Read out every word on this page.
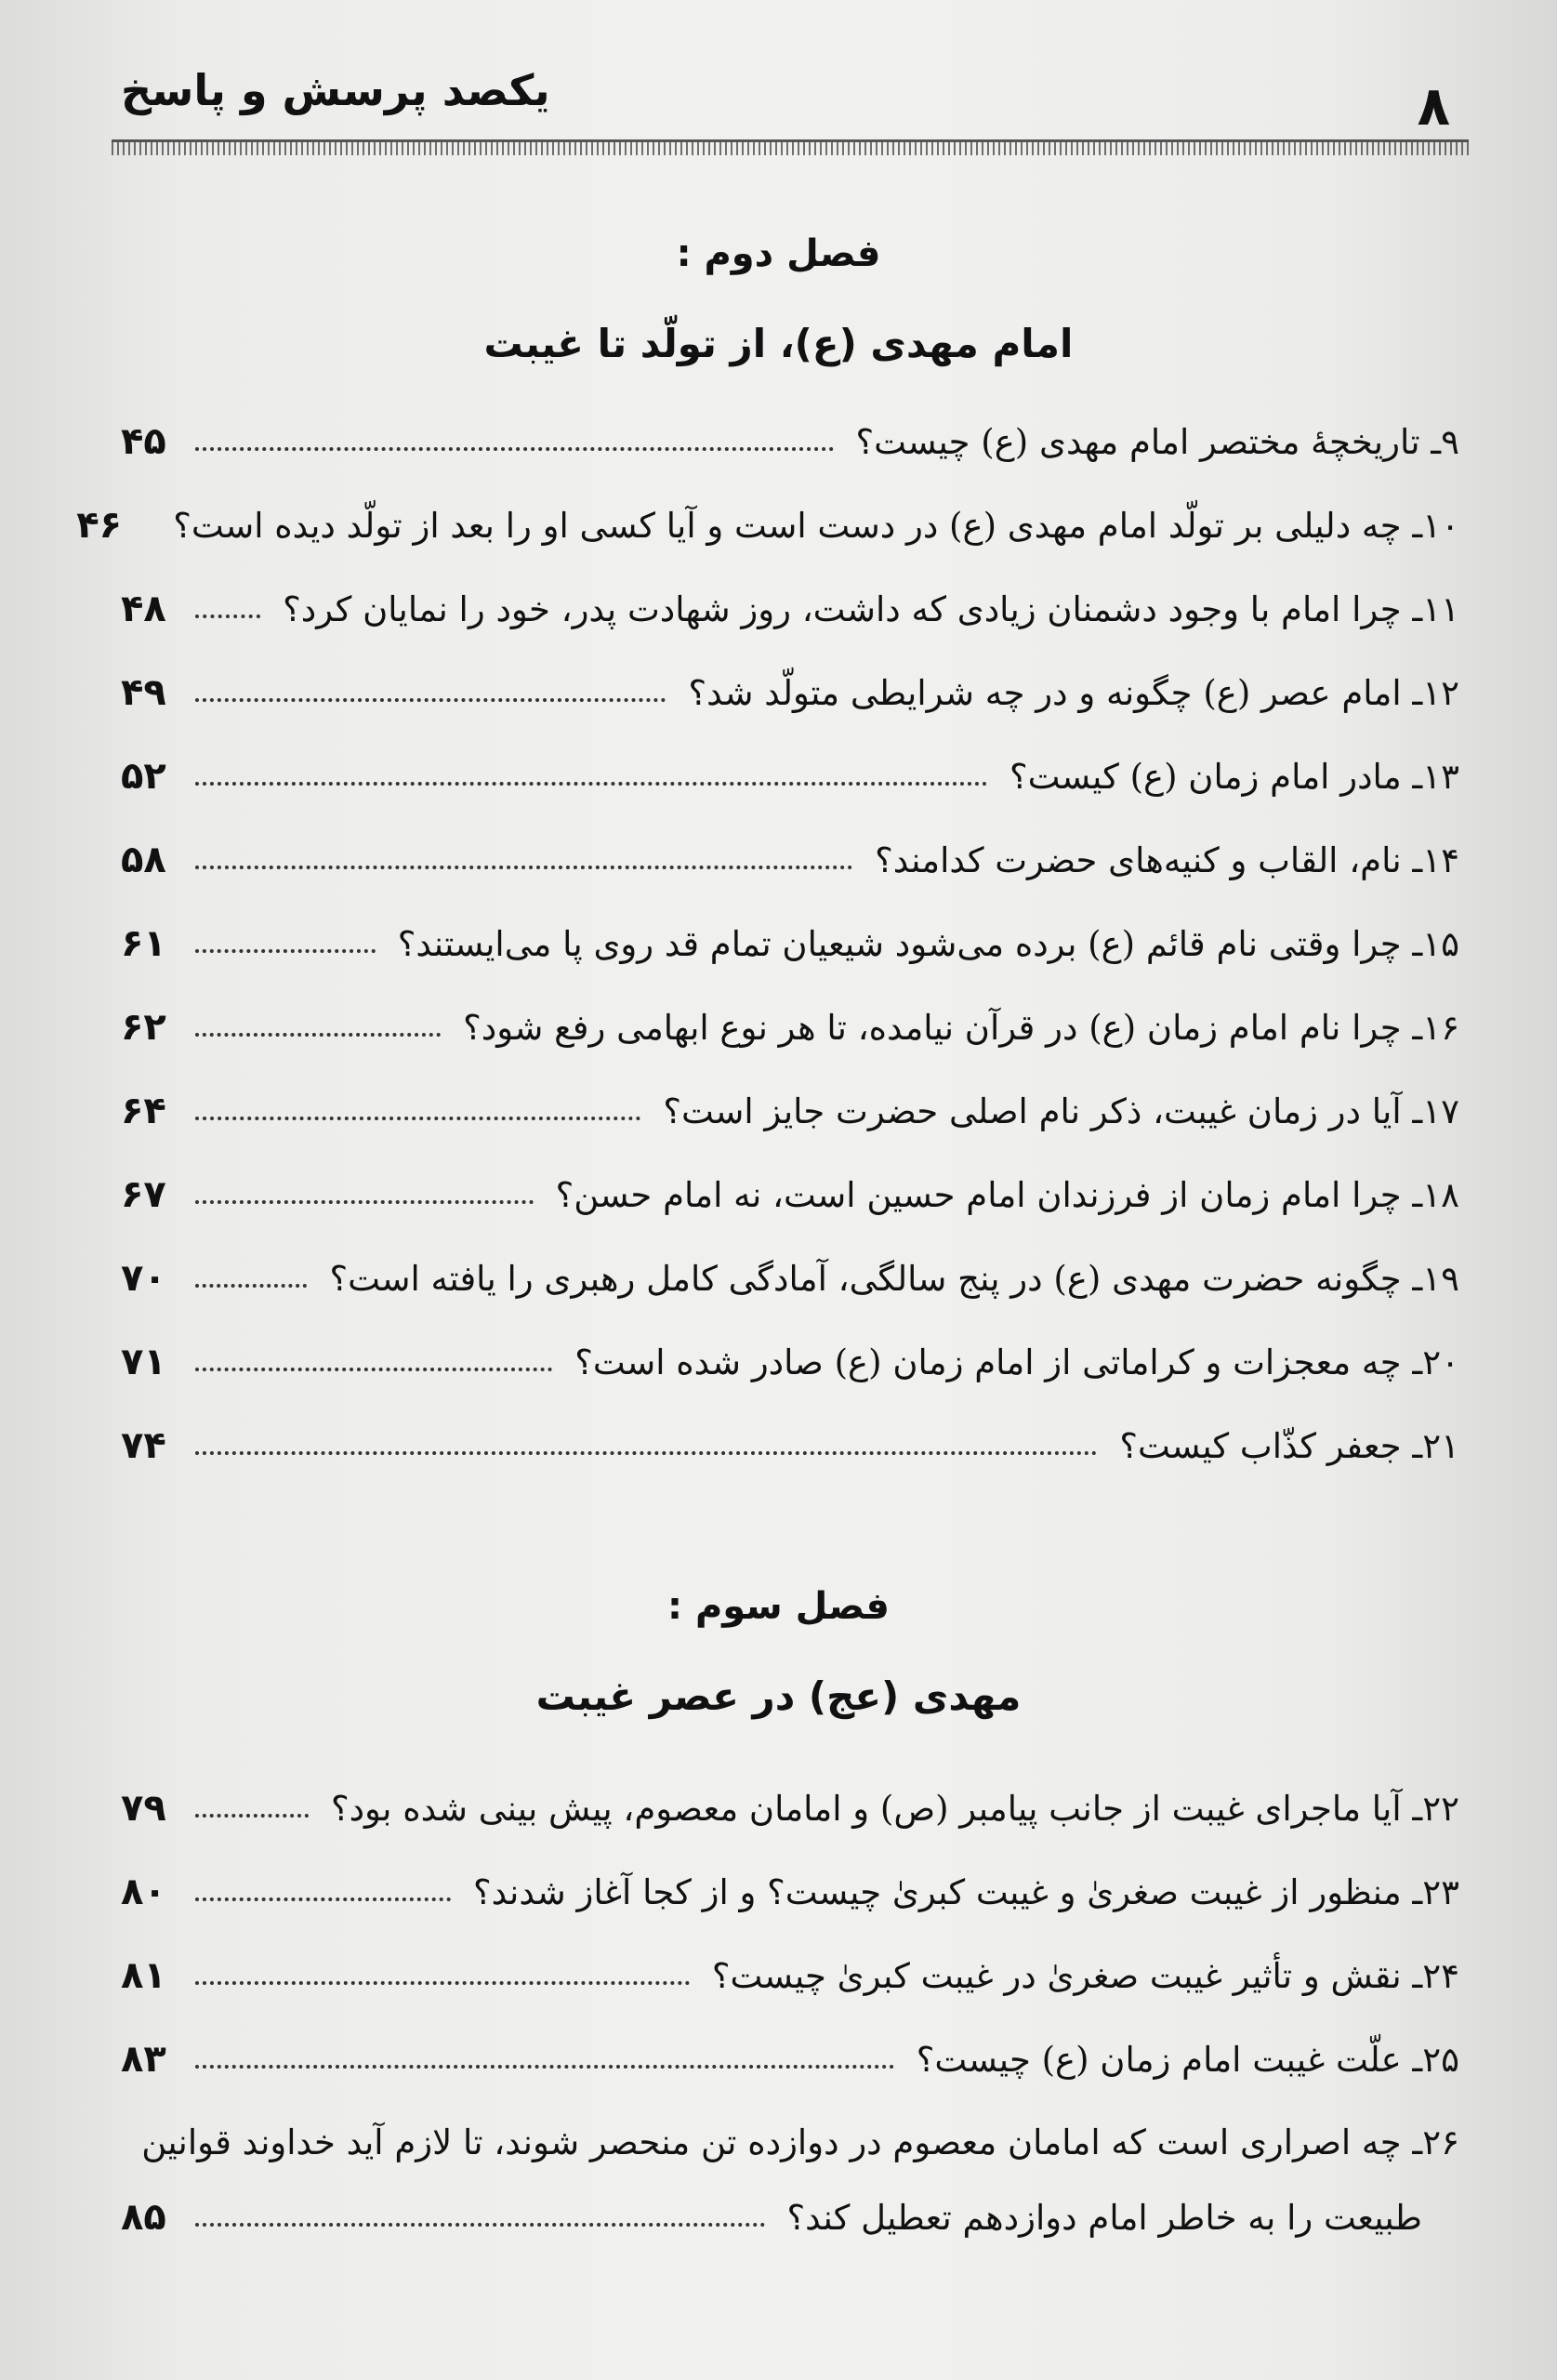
یکصد پرسش و پاسخ	۸
فصل دوم :
امام مهدی (ع)، از تولّد تا غیبت
۹ـ تاریخچهٔ مختصر امام مهدی (ع) چیست؟
۴۵
۱۰ـ چه دلیلی بر تولّد امام مهدی (ع) در دست است و آیا کسی او را بعد از تولّد دیده است؟
۴۶
۱۱ـ چرا امام با وجود دشمنان زیادی که داشت، روز شهادت پدر، خود را نمایان کرد؟
۴۸
۱۲ـ امام عصر (ع) چگونه و در چه شرایطی متولّد شد؟
۴۹
۱۳ـ مادر امام زمان (ع) کیست؟
۵۲
۱۴ـ نام، القاب و کنیه‌های حضرت کدامند؟
۵۸
۱۵ـ چرا وقتی نام قائم (ع) برده می‌شود شیعیان تمام قد روی پا می‌ایستند؟
۶۱
۱۶ـ چرا نام امام زمان (ع) در قرآن نیامده، تا هر نوع ابهامی رفع شود؟
۶۲
۱۷ـ آیا در زمان غیبت، ذکر نام اصلی حضرت جایز است؟
۶۴
۱۸ـ چرا امام زمان از فرزندان امام حسین است، نه امام حسن؟
۶۷
۱۹ـ چگونه حضرت مهدی (ع) در پنج سالگی، آمادگی کامل رهبری را یافته است؟
۷۰
۲۰ـ چه معجزات و کراماتی از امام زمان (ع) صادر شده است؟
۷۱
۲۱ـ جعفر کذّاب کیست؟
۷۴
فصل سوم :
مهدی (عج) در عصر غیبت
۲۲ـ آیا ماجرای غیبت از جانب پیامبر (ص) و امامان معصوم، پیش بینی شده بود؟
۷۹
۲۳ـ منظور از غیبت صغریٰ و غیبت کبریٰ چیست؟ و از کجا آغاز شدند؟
۸۰
۲۴ـ نقش و تأثیر غیبت صغریٰ در غیبت کبریٰ چیست؟
۸۱
۲۵ـ علّت غیبت امام زمان (ع) چیست؟
۸۳
۲۶ـ چه اصراری است که امامان معصوم در دوازده تن منحصر شوند، تا لازم آید خداوند قوانین
طبیعت را به خاطر امام دوازدهم تعطیل کند؟
۸۵
